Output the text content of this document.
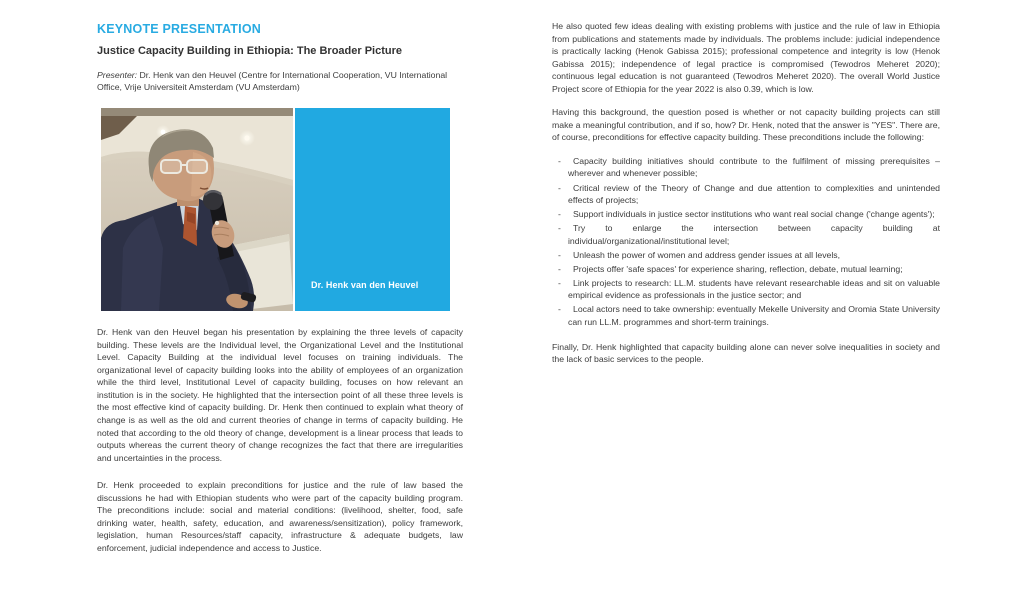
KEYNOTE PRESENTATION
Justice Capacity Building in Ethiopia: The Broader Picture

Presenter: Dr. Henk van den Heuvel (Centre for International Cooperation, VU International Office, Vrije Universiteit Amsterdam (VU Amsterdam)

Dr. Henk van den Heuvel

Dr. Henk van den Heuvel began his presentation by explaining the three levels of capacity building. These levels are the Individual level, the Organizational Level and the Institutional Level. Capacity Building at the individual level focuses on training individuals. The organizational level of capacity building looks into the ability of employees of an organization while the third level, Institutional Level of capacity building, focuses on how relevant an institution is in the society. He highlighted that the intersection point of all these three levels is the most effective kind of capacity building. Dr. Henk then continued to explain what theory of change is as well as the old and current theories of change in terms of capacity building. He noted that according to the old theory of change, development is a linear process that leads to outputs whereas the current theory of change recognizes the fact that there are irregularities and uncertainties in the process.

Dr. Henk proceeded to explain preconditions for justice and the rule of law based the discussions he had with Ethiopian students who were part of the capacity building program. The preconditions include: social and material conditions: (livelihood, shelter, food, safe drinking water, health, safety, education, and awareness/sensitization), policy framework, legislation, human Resources/staff capacity, infrastructure & adequate budgets, law enforcement, judicial independence and access to Justice.

He also quoted few ideas dealing with existing problems with justice and the rule of law in Ethiopia from publications and statements made by individuals. The problems include: judicial independence is practically lacking (Henok Gabissa 2015); professional competence and integrity is low (Henok Gabissa 2015); independence of legal practice is compromised (Tewodros Meheret 2020); continuous legal education is not guaranteed (Tewodros Meheret 2020). The overall World Justice Project score of Ethiopia for the year 2022 is also 0.39, which is low.

Having this background, the question posed is whether or not capacity building projects can still make a meaningful contribution, and if so, how? Dr. Henk, noted that the answer is "YES". There are, of course, preconditions for effective capacity building. These preconditions include the following:

- Capacity building initiatives should contribute to the fulfilment of missing prerequisites – wherever and whenever possible;
- Critical review of the Theory of Change and due attention to complexities and unintended effects of projects;
- Support individuals in justice sector institutions who want real social change ('change agents');
- Try to enlarge the intersection between capacity building at individual/organizational/institutional level;
- Unleash the power of women and address gender issues at all levels,
- Projects offer 'safe spaces' for experience sharing, reflection, debate, mutual learning;
- Link projects to research: LL.M. students have relevant researchable ideas and sit on valuable empirical evidence as professionals in the justice sector; and
- Local actors need to take ownership: eventually Mekelle University and Oromia State University can run LL.M. programmes and short-term trainings.

Finally, Dr. Henk highlighted that capacity building alone can never solve inequalities in society and the lack of basic services to the people.
